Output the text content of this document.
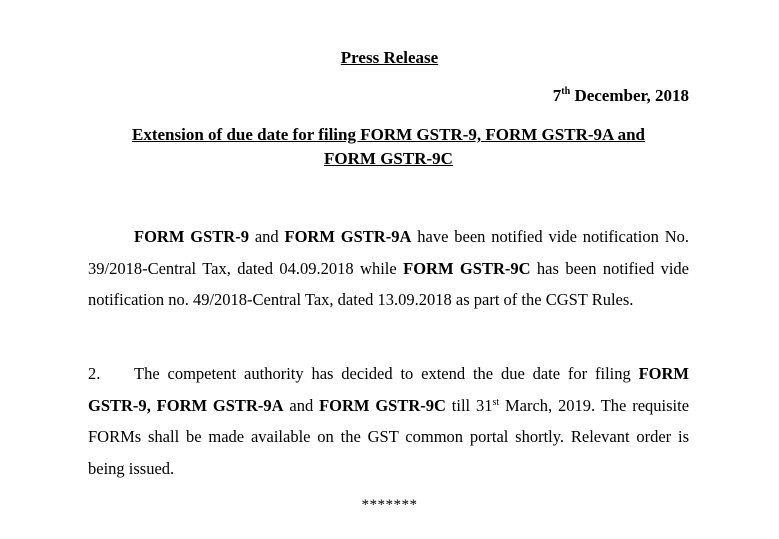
Press Release
7th December, 2018
Extension of due date for filing FORM GSTR-9, FORM GSTR-9A and
FORM GSTR-9C
FORM GSTR-9 and FORM GSTR-9A have been notified vide notification No. 39/2018-Central Tax, dated 04.09.2018 while FORM GSTR-9C has been notified vide notification no. 49/2018-Central Tax, dated 13.09.2018 as part of the CGST Rules.
2. The competent authority has decided to extend the due date for filing FORM GSTR-9, FORM GSTR-9A and FORM GSTR-9C till 31st March, 2019. The requisite FORMs shall be made available on the GST common portal shortly. Relevant order is being issued.
*******
